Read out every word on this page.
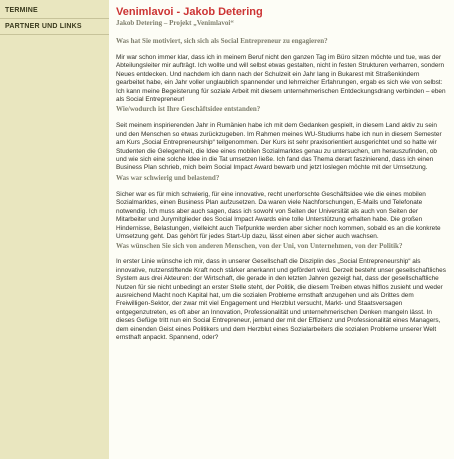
TERMINE
PARTNER UND LINKS
Venimlavoi - Jakob Detering
Jakob Detering – Projekt „Venimlavoi“
Was hat Sie motiviert, sich sich als Social Entrepreneur zu engagieren?

Mir war schon immer klar, dass ich in meinem Beruf nicht den ganzen Tag im Büro sitzen möchte und tue, was der Abteilungsleiter mir aufträgt. Ich wollte und will selbst etwas gestalten, nicht in festen Strukturen verharren, sondern Neues entdecken. Und nachdem ich dann nach der Schulzeit ein Jahr lang in Bukarest mit Straßenkindern gearbeitet habe, ein Jahr voller unglaublich spannender und lehrreicher Erfahrungen, ergab es sich wie von selbst: Ich kann meine Begeisterung für soziale Arbeit mit diesem unternehmerischen Entdeckungsdrang verbinden – eben als Social Entrepreneur!

Wie/wodurch ist Ihre Geschäftsidee entstanden?

Seit meinem inspirierenden Jahr in Rumänien habe ich mit dem Gedanken gespielt, in diesem Land aktiv zu sein und den Menschen so etwas zurückzugeben. Im Rahmen meines WU-Studiums habe ich nun in diesem Semester am Kurs „Social Entrepreneurship“ teilgenommen. Der Kurs ist sehr praxisorientiert ausgerichtet und so hatte wir Studenten die Gelegenheit, die Idee eines mobilen Sozialmarktes genau zu untersuchen, um herauszufinden, ob und wie sich eine solche Idee in die Tat umsetzen ließe. Ich fand das Thema derart faszinierend, dass ich einen Business Plan schrieb, mich beim Social Impact Award bewarb und jetzt loslegen möchte mit der Umsetzung.

Was war schwierig und belastend?

Sicher war es für mich schwierig, für eine innovative, recht unerforschte Geschäftsidee wie die eines mobilen Sozialmarktes, einen Business Plan aufzusetzen. Da waren viele Nachforschungen, E-Mails und Telefonate notwendig. Ich muss aber auch sagen, dass ich sowohl von Seiten der Universität als auch von Seiten der Mitarbeiter und Jurymitglieder des Social Impact Awards eine tolle Unterstützung erhalten habe. Die großen Hindernisse, Belastungen, vielleicht auch Tiefpunkte werden aber sicher noch kommen, sobald es an die konkrete Umsetzung geht. Das gehört für jedes Start-Up dazu, lässt einen aber sicher auch wachsen.

Was wünschen Sie sich von anderen Menschen, von der Uni, von Unternehmen, von der Politik?

In erster Linie wünsche ich mir, dass in unserer Gesellschaft die Disziplin des „Social Entrepreneurship“ als innovative, nutzenstiftende Kraft noch stärker anerkannt und gefördert wird. Derzeit besteht unser gesellschaftliches System aus drei Akteuren: der Wirtschaft, die gerade in den letzten Jahren gezeigt hat, dass der gesellschaftliche Nutzen für sie nicht unbedingt an erster Stelle steht, der Politik, die diesem Treiben etwas hilflos zusieht und weder ausreichend Macht noch Kapital hat, um die sozialen Probleme ernsthaft anzugehen und als Drittes dem Freiwilligen-Sektor, der zwar mit viel Engagement und Herzblut versucht, Markt- und Staatsversagen entgegenzutreten, es oft aber an Innovation, Professionalität und unternehmerischen Denken mangeln lässt. In dieses Gefüge tritt nun ein Social Entrepreneur, jemand der mit der Effizienz und Professionalität eines Managers, dem einenden Geist eines Politikers und dem Herzblut eines Sozialarbeiters die sozialen Probleme unserer Welt ernsthaft anpackt. Spannend, oder?
